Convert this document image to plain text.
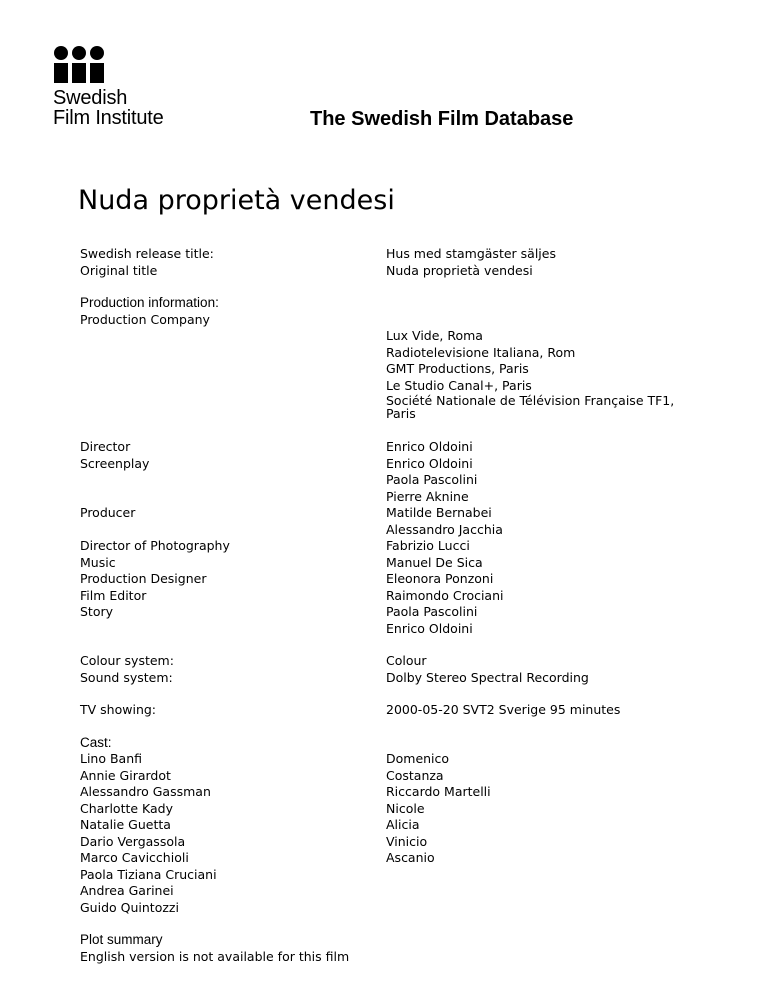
Swedish
Film Institute	The Swedish Film Database
Nuda proprietà vendesi
Swedish release title:	Hus med stamgäster säljes
Original title	Nuda proprietà vendesi
Production information:
Production Company
Lux Vide, Roma
Radiotelevisione Italiana, Rom
GMT Productions, Paris
Le Studio Canal+, Paris
Société Nationale de Télévision Française TF1,
Paris
Director	Enrico Oldoini
Screenplay	Enrico Oldoini
Paola Pascolini
Pierre Aknine
Producer	Matilde Bernabei
Alessandro Jacchia
Director of Photography	Fabrizio Lucci
Music	Manuel De Sica
Production Designer	Eleonora Ponzoni
Film Editor	Raimondo Crociani
Story	Paola Pascolini
Enrico Oldoini
Colour system:	Colour
Sound system:	Dolby Stereo Spectral Recording
TV showing:	2000-05-20 SVT2 Sverige 95 minutes
Cast:
Lino Banfi	Domenico
Annie Girardot	Costanza
Alessandro Gassman	Riccardo Martelli
Charlotte Kady	Nicole
Natalie Guetta	Alicia
Dario Vergassola	Vinicio
Marco Cavicchioli	Ascanio
Paola Tiziana Cruciani
Andrea Garinei
Guido Quintozzi
Plot summary
English version is not available for this film
